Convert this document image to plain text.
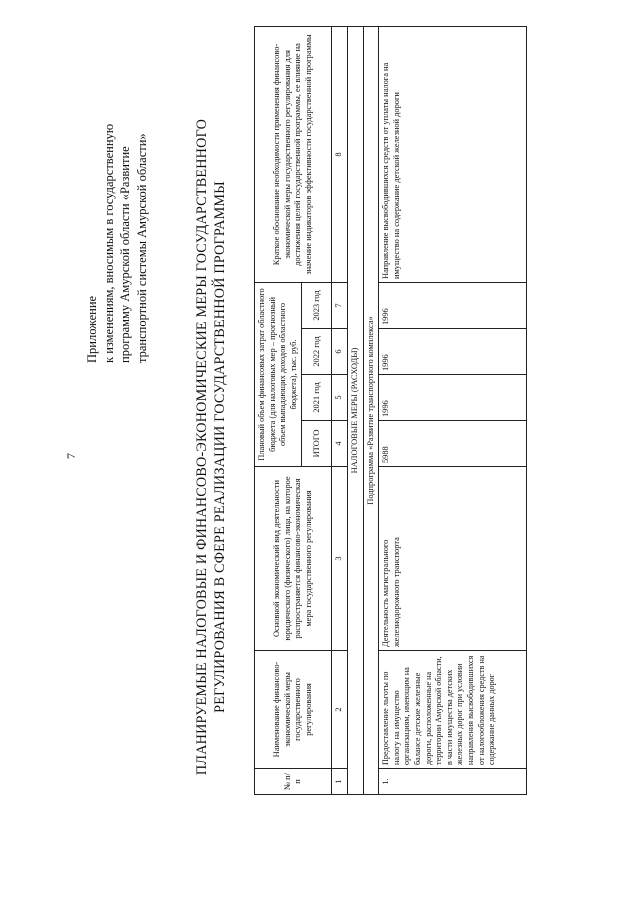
7
Приложение к изменениям, вносимым в государственную программу Амурской области «Развитие транспортной системы Амурской области»	ПЛАНИРУЕМЫЕ НАЛОГОВЫЕ И ФИНАНСОВО-ЭКОНОМИЧЕСКИЕ МЕРЫ ГОСУДАРСТВЕННОГО РЕГУЛИРОВАНИЯ В СФЕРЕ РЕАЛИЗАЦИИ ГОСУДАРСТВЕННОЙ ПРОГРАММЫ
№ п/п	Наименование финансово-экономической меры государственного регулирования	Основной экономический вид деятельности юридического (физического) лица, на которое распространяется финансово-экономическая мера государственного регулирования	Плановый объем финансовых затрат областного бюджета (для налоговых мер – прогнозный объем выпадающих доходов областного бюджета), тыс. руб.				Краткое обоснование необходимости применения финансово-экономической меры государственного регулирования для достижения целей государственной программы, ее влияние на значение индикаторов эффективности государственной программы
			ИТОГО	2021 год	2022 год	2023 год	
1	2	3	4	5	6	7	8
НАЛОГОВЫЕ МЕРЫ (РАСХОДЫ)							
Подпрограмма «Развитие транспортного комплекса»							
1.	Предоставление льготы по налогу на имущество организациям, имеющим на балансе детские железные дороги, расположенные на территории Амурской области, в части имущества детских железных дорог при условии направления высвободившихся от налогообложения средств на содержание данных дорог	Деятельность магистрального железнодорожного транспорта	5988	1996	1996	1996	Направление высвободившихся средств от уплаты налога на имущество на содержание детской железной дороги
